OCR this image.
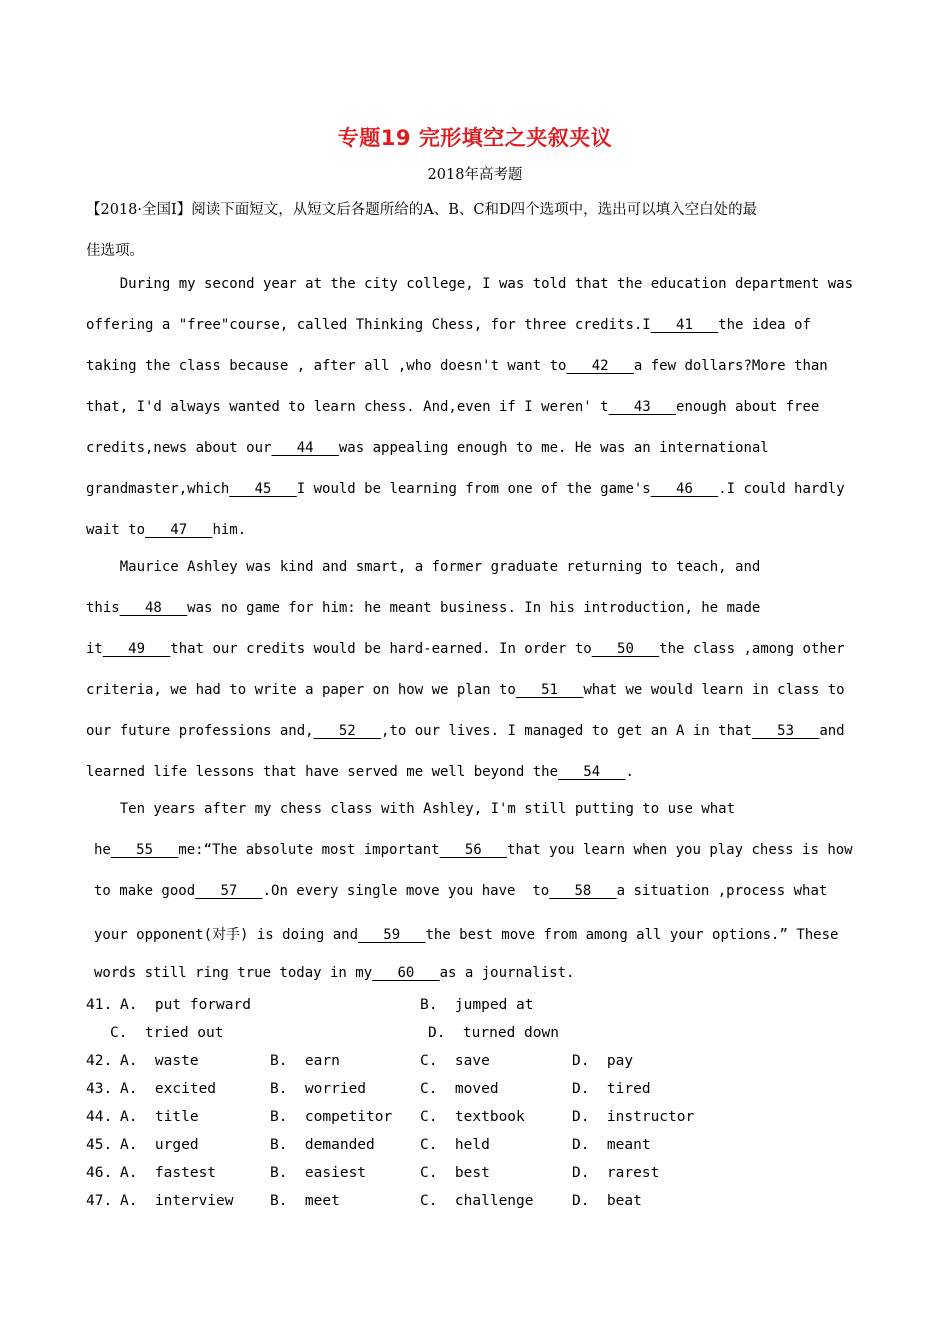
专题19 完形填空之夹叙夹议
2018年高考题
【2018·全国Ⅰ】阅读下面短文，从短文后各题所给的A、B、C和D四个选项中，选出可以填入空白处的最
佳选项。
During my second year at the city college, I was told that the education department was
offering a "free"course, called Thinking Chess, for three credits.I___41___the idea of
taking the class because , after all ,who doesn't want to___42___a few dollars?More than
that, I'd always wanted to learn chess. And,even if I weren' t___43___enough about free
credits,news about our___44___was appealing enough to me. He was an international
grandmaster,which___45___I would be learning from one of the game's___46___.I could hardly
wait to___47___him.
Maurice Ashley was kind and smart, a former graduate returning to teach, and
this___48___was no game for him: he meant business. In his introduction, he made
it___49___that our credits would be hard-earned. In order to___50___the class ,among other
criteria, we had to write a paper on how we plan to___51___what we would learn in class to
our future professions and,___52___,to our lives. I managed to get an A in that___53___and
learned life lessons that have served me well beyond the___54___.
Ten years after my chess class with Ashley, I'm still putting to use what
he___55___me:“The absolute most important___56___that you learn when you play chess is how
to make good___57___.On every single move you have  to___58___a situation ,process what
your opponent(对手) is doing and___59___the best move from among all your options.” These
words still ring true today in my___60___as a journalist.
41. A.  put forward	B.  jumped at
C.  tried out	D.  turned down
42. A.  waste	B.  earn	C.  save	D.  pay
43. A.  excited	B.  worried	C.  moved	D.  tired
44. A.  title	B.  competitor C.  textbook	D.  instructor
45. A.  urged	B.  demanded	C.  held	D.  meant
46. A.  fastest	B.  easiest	C.  best	D.  rarest
47. A.  interview	B.  meet	C.  challenge	D.  beat
